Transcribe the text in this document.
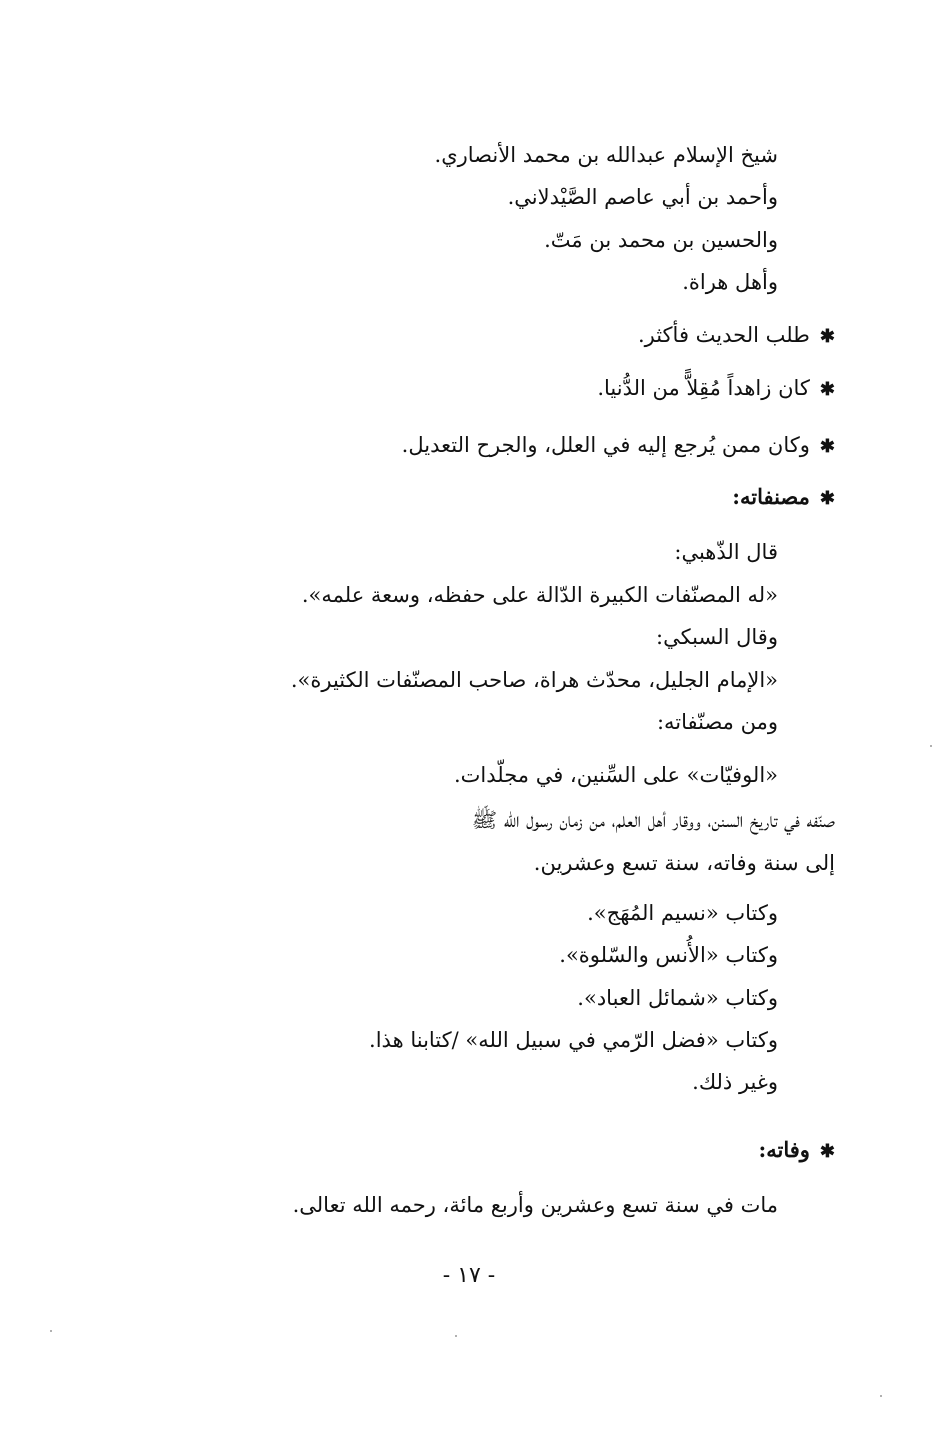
شيخ الإسلام عبدالله بن محمد الأنصاري.
وأحمد بن أبي عاصم الصَّيْدلاني.
والحسين بن محمد بن مَتّ.
وأهل هراة.
✱طلب الحديث فأكثر.
✱كان زاهداً مُقِلاًّ من الدُّنيا.
✱وكان ممن يُرجع إليه في العلل، والجرح التعديل.
✱مصنفاته:
قال الذّهبي:
«له المصنّفات الكبيرة الدّالة على حفظه، وسعة علمه».
وقال السبكي:
«الإمام الجليل، محدّث هراة، صاحب المصنّفات الكثيرة».
ومن مصنّفاته:
«الوفيّات» على السِّنين، في مجلّدات.
صنّفه في تاريخ السنن، ووقار أهل العلم، من زمان رسول الله ﷺ
إلى سنة وفاته، سنة تسع وعشرين.
وكتاب «نسيم المُهَج».
وكتاب «الأُنس والسّلوة».
وكتاب «شمائل العباد».
وكتاب «فضل الرّمي في سبيل الله» /كتابنا هذا.
وغير ذلك.
✱وفاته:
مات في سنة تسع وعشرين وأربع مائة، رحمه الله تعالى.
- ١٧ -
